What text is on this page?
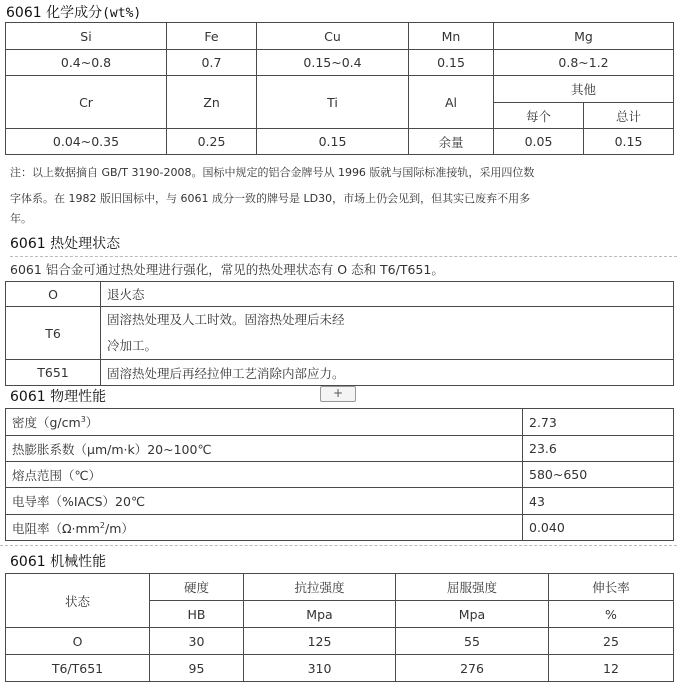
6061 化学成分(wt%)
Si	Fe	Cu	Mn	Mg	
0.4~0.8	0.7	0.15~0.4	0.15	0.8~1.2	
Cr	Zn	Ti	Al	其他	
				每个	总计
0.04~0.35	0.25	0.15	余量	0.05	0.15
注：以上数据摘自 GB/T 3190-2008。国标中规定的铝合金牌号从 1996 版就与国际标准接轨，采用四位数
字体系。在 1982 版旧国标中，与 6061 成分一致的牌号是 LD30，市场上仍会见到，但其实已废弃不用多
年。
6061 热处理状态
6061 铝合金可通过热处理进行强化，常见的热处理状态有 O 态和 T6/T651。
O	退火态
T6	固溶热处理及人工时效。固溶热处理后未经
冷加工。

T651	固溶热处理后再经拉伸工艺消除内部应力。
+
6061 物理性能
密度$(g/cm^3)$	2.73
热膨胀系数（μm/m·k）20~100℃	23.6
熔点范围（℃）	580~650
电导率（%IACS）20℃	43
电阻率$(\Omega\cdot mm^2/m)$	0.040
6061 机械性能
状态	硬度	抗拉强度	屈服强度	伸长率
	HB	Mpa	Mpa	%
O	30	125	55	25
T6/T651	95	310	276	12
